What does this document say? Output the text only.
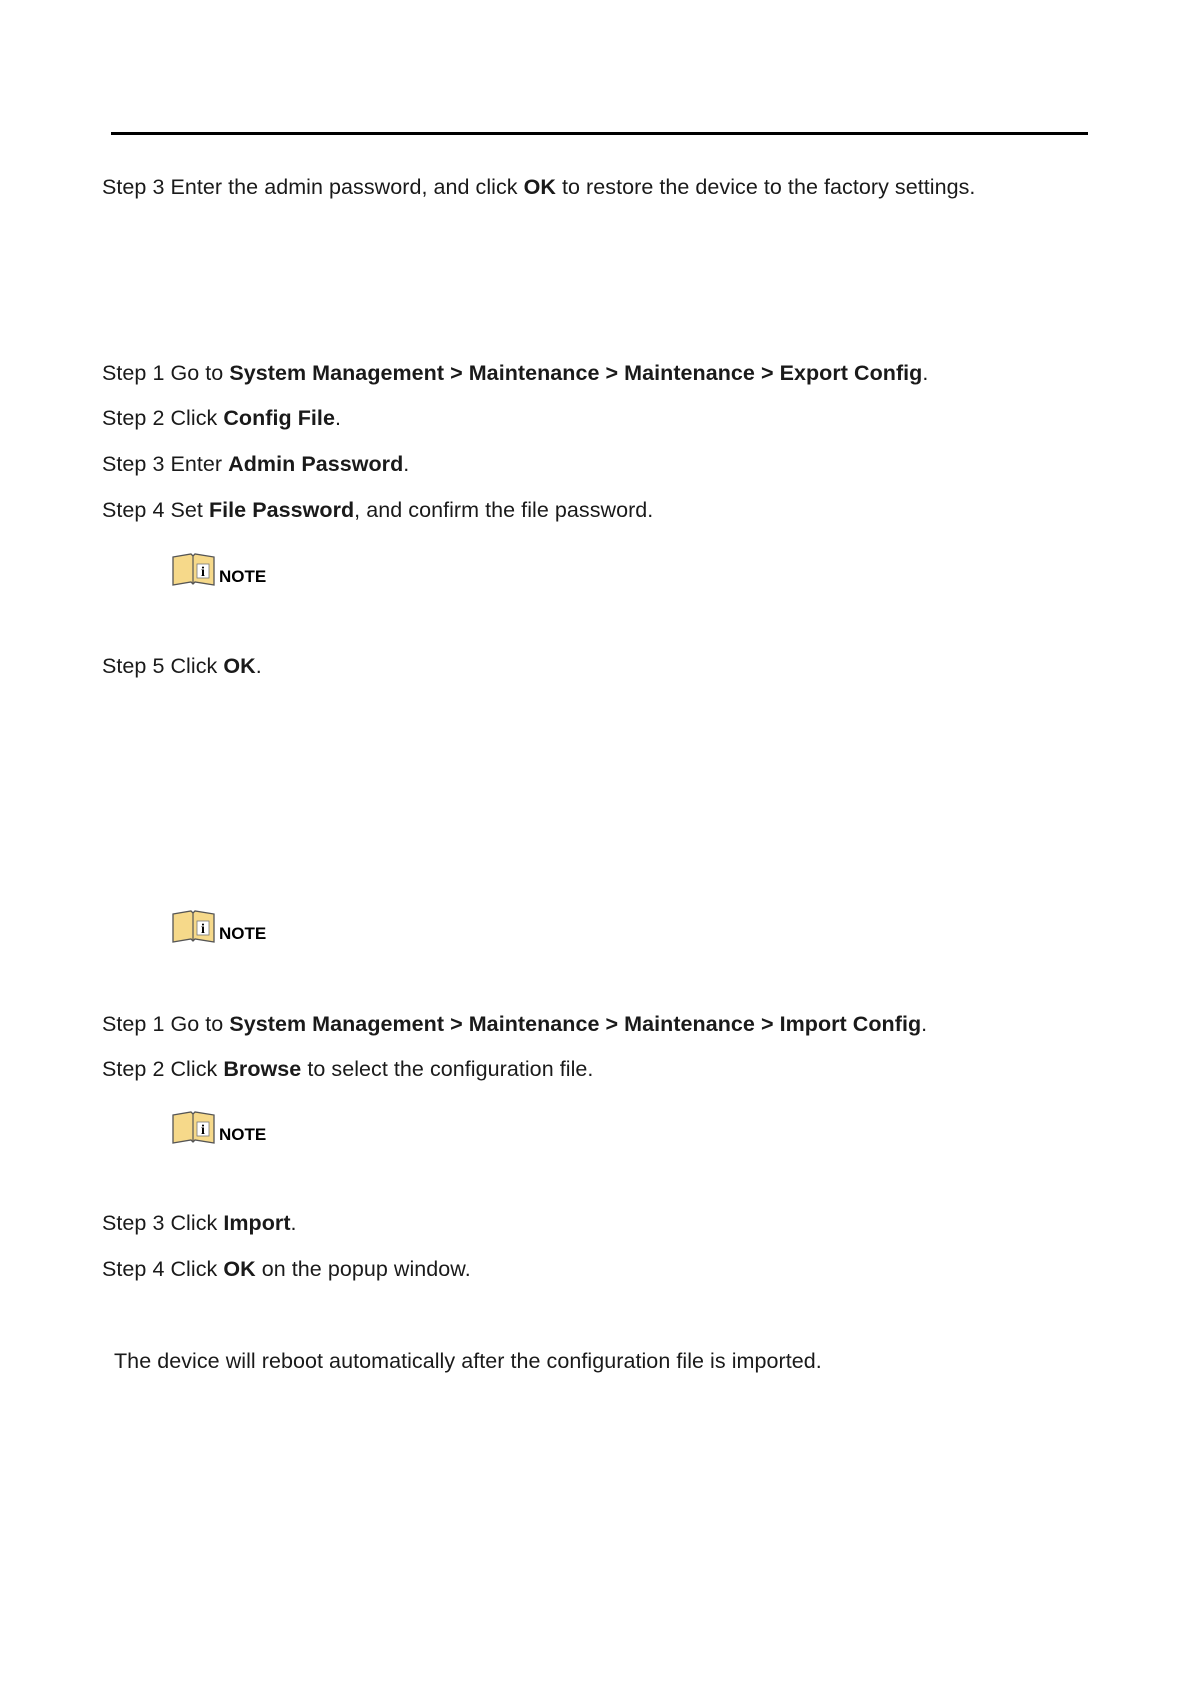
Step 3 Enter the admin password, and click OK to restore the device to the factory settings.
Step 1 Go to System Management > Maintenance > Maintenance > Export Config.
Step 2 Click Config File.
Step 3 Enter Admin Password.
Step 4 Set File Password, and confirm the file password.
i NOTE
Step 5 Click OK.
i NOTE
Step 1 Go to System Management > Maintenance > Maintenance > Import Config.
Step 2 Click Browse to select the configuration file.
i NOTE
Step 3 Click Import.
Step 4 Click OK on the popup window.
The device will reboot automatically after the configuration file is imported.
